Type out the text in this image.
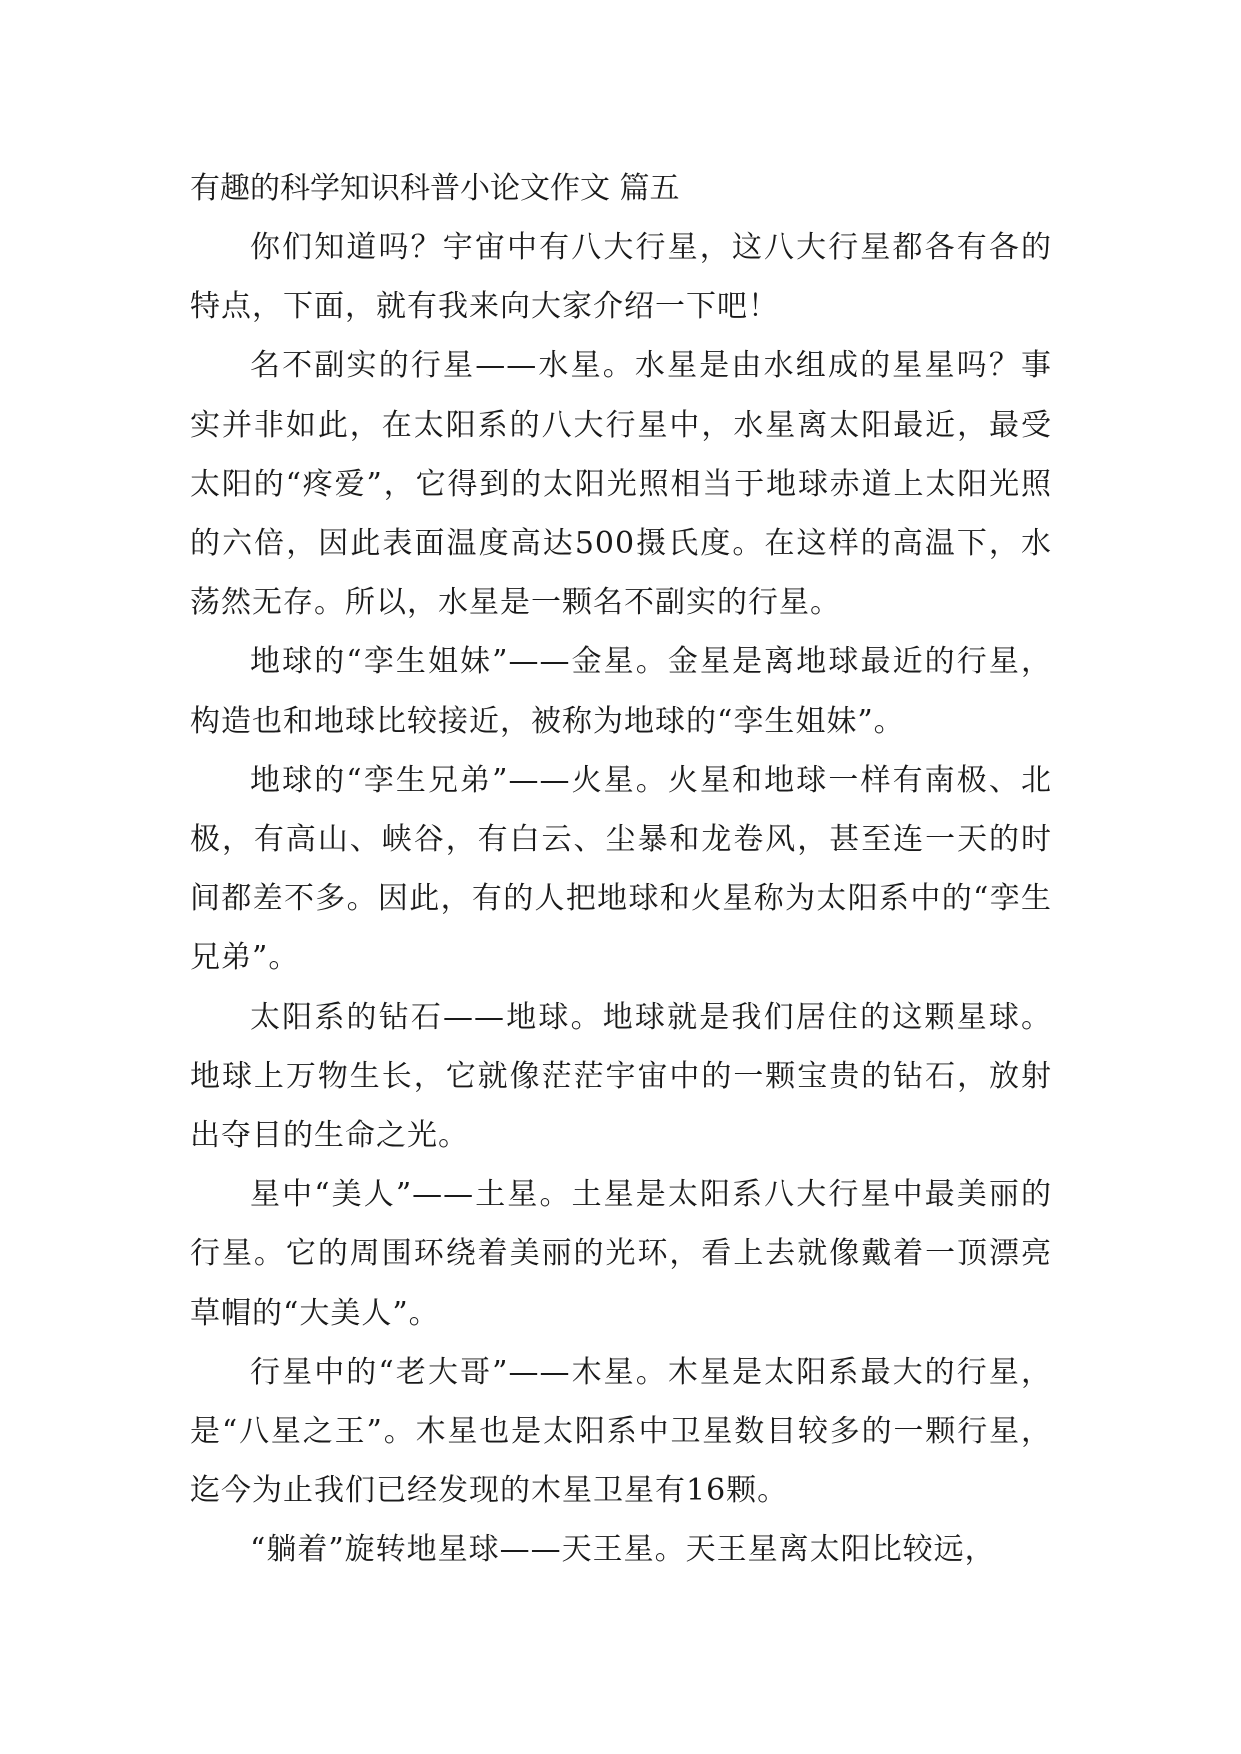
有趣的科学知识科普小论文作文 篇五

你们知道吗？宇宙中有八大行星，这八大行星都各有各的特点，下面，就有我来向大家介绍一下吧！

名不副实的行星——水星。水星是由水组成的星星吗？事实并非如此，在太阳系的八大行星中，水星离太阳最近，最受太阳的“疼爱”，它得到的太阳光照相当于地球赤道上太阳光照的六倍，因此表面温度高达500摄氏度。在这样的高温下，水荡然无存。所以，水星是一颗名不副实的行星。

地球的“孪生姐妹”——金星。金星是离地球最近的行星，构造也和地球比较接近，被称为地球的“孪生姐妹”。

地球的“孪生兄弟”——火星。火星和地球一样有南极、北极，有高山、峡谷，有白云、尘暴和龙卷风，甚至连一天的时间都差不多。因此，有的人把地球和火星称为太阳系中的“孪生兄弟”。

太阳系的钻石——地球。地球就是我们居住的这颗星球。地球上万物生长，它就像茫茫宇宙中的一颗宝贵的钻石，放射出夺目的生命之光。

星中“美人”——土星。土星是太阳系八大行星中最美丽的行星。它的周围环绕着美丽的光环，看上去就像戴着一顶漂亮草帽的“大美人”。

行星中的“老大哥”——木星。木星是太阳系最大的行星，是“八星之王”。木星也是太阳系中卫星数目较多的一颗行星，迄今为止我们已经发现的木星卫星有16颗。

“躺着”旋转地星球——天王星。天王星离太阳比较远，
